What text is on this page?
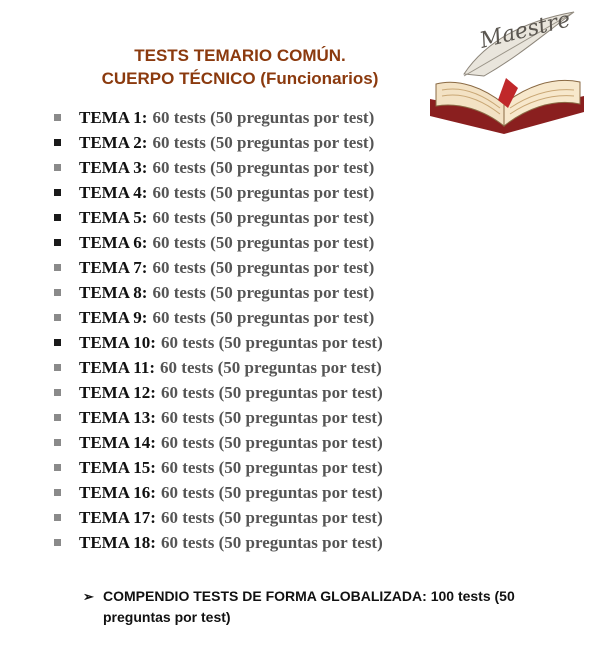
TESTS TEMARIO COMÚN.
CUERPO TÉCNICO (Funcionarios)
Maestre
TEMA 1: 60 tests (50 preguntas por test)
TEMA 2: 60 tests (50 preguntas por test)
TEMA 3: 60 tests (50 preguntas por test)
TEMA 4: 60 tests (50 preguntas por test)
TEMA 5: 60 tests (50 preguntas por test)
TEMA 6: 60 tests (50 preguntas por test)
TEMA 7: 60 tests (50 preguntas por test)
TEMA 8: 60 tests (50 preguntas por test)
TEMA 9: 60 tests (50 preguntas por test)
TEMA 10: 60 tests (50 preguntas por test)
TEMA 11: 60 tests (50 preguntas por test)
TEMA 12: 60 tests (50 preguntas por test)
TEMA 13: 60 tests (50 preguntas por test)
TEMA 14: 60 tests (50 preguntas por test)
TEMA 15: 60 tests (50 preguntas por test)
TEMA 16: 60 tests (50 preguntas por test)
TEMA 17: 60 tests (50 preguntas por test)
TEMA 18: 60 tests (50 preguntas por test)
➢ COMPENDIO TESTS DE FORMA GLOBALIZADA: 100 tests (50 preguntas por test)
